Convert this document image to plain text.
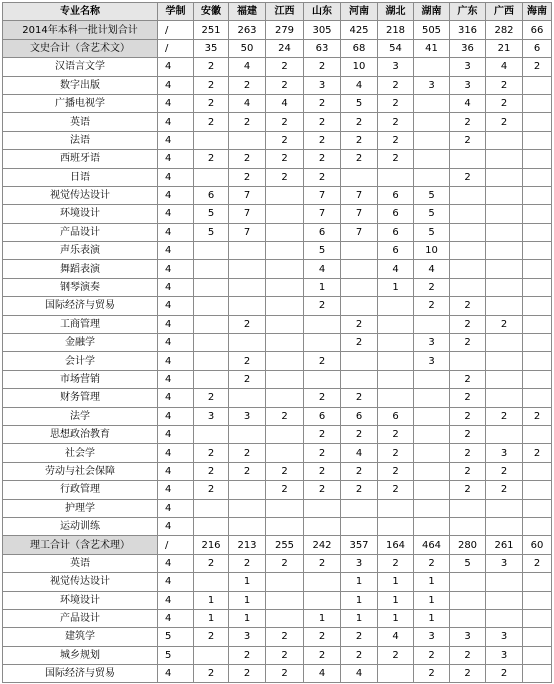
专业名称	学制	安徽	福建	江西	山东	河南	湖北	湖南	广东	广西	海南
2014年本科一批计划合计	/	251	263	279	305	425	218	505	316	282	66
文史合计（含艺术文）	/	35	50	24	63	68	54	41	36	21	6
汉语言文学	4	2	4	2	2	10	3		3	4	2
数字出版	4	2	2	2	3	4	2	3	3	2	
广播电视学	4	2	4	4	2	5	2		4	2	
英语	4	2	2	2	2	2	2		2	2	
法语	4			2	2	2	2		2		
西班牙语	4	2	2	2	2	2	2				
日语	4		2	2	2				2		
视觉传达设计	4	6	7		7	7	6	5			
环境设计	4	5	7		7	7	6	5			
产品设计	4	5	7		6	7	6	5			
声乐表演	4				5		6	10			
舞蹈表演	4				4		4	4			
钢琴演奏	4				1		1	2			
国际经济与贸易	4				2			2	2		
工商管理	4		2			2			2	2	
金融学	4					2		3	2		
会计学	4		2		2			3			
市场营销	4		2						2		
财务管理	4	2			2	2			2		
法学	4	3	3	2	6	6	6		2	2	2
思想政治教育	4				2	2	2		2		
社会学	4	2	2		2	4	2		2	3	2
劳动与社会保障	4	2	2	2	2	2	2		2	2	
行政管理	4	2		2	2	2	2		2	2	
护理学	4										
运动训练	4										
理工合计（含艺术理）	/	216	213	255	242	357	164	464	280	261	60
英语	4	2	2	2	2	3	2	2	5	3	2
视觉传达设计	4		1			1	1	1			
环境设计	4	1	1			1	1	1			
产品设计	4	1	1		1	1	1	1			
建筑学	5	2	3	2	2	2	4	3	3	3	
城乡规划	5		2	2	2	2	2	2	2	3	
国际经济与贸易	4	2	2	2	4	4		2	2	2	
